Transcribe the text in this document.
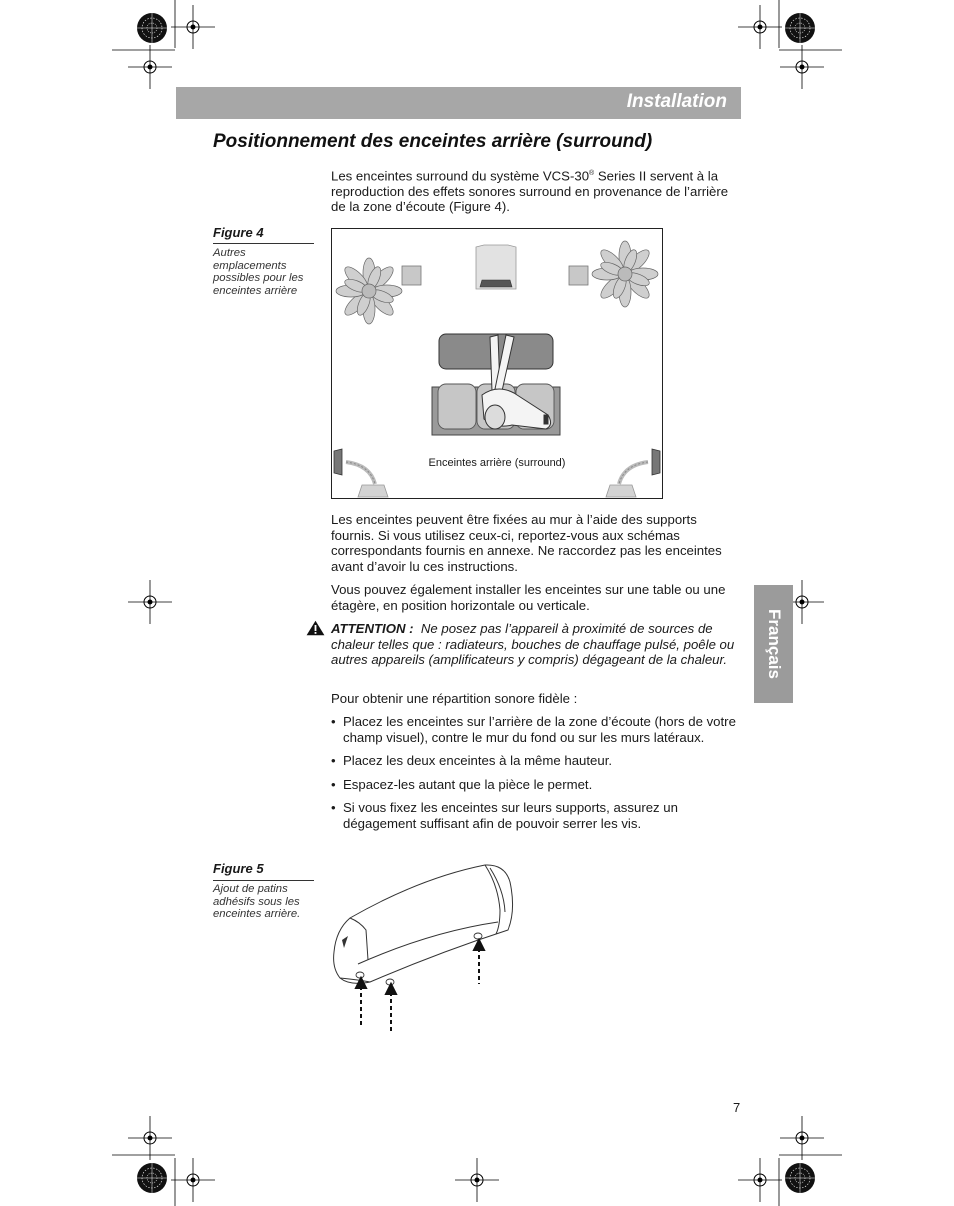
Installation
Positionnement des enceintes arrière (surround)
Les enceintes surround du système VCS-30® Series II servent à la reproduction des effets sonores surround en provenance de l’arrière de la zone d’écoute (Figure 4).
Figure 4
Autres emplacements possibles pour les enceintes arrière
Enceintes arrière (surround)
Les enceintes peuvent être fixées au mur à l’aide des supports fournis. Si vous utilisez ceux-ci, reportez-vous aux schémas correspondants fournis en annexe. Ne raccordez pas les enceintes avant d’avoir lu ces instructions.
Vous pouvez également installer les enceintes sur une table ou une étagère, en position horizontale ou verticale.
ATTENTION : Ne posez pas l’appareil à proximité de sources de chaleur telles que : radiateurs, bouches de chauffage pulsé, poêle ou autres appareils (amplificateurs y compris) dégageant de la chaleur.
Pour obtenir une répartition sonore fidèle :
• Placez les enceintes sur l’arrière de la zone d’écoute (hors de votre champ visuel), contre le mur du fond ou sur les murs latéraux.
• Placez les deux enceintes à la même hauteur.
• Espacez-les autant que la pièce le permet.
• Si vous fixez les enceintes sur leurs supports, assurez un dégagement suffisant afin de pouvoir serrer les vis.
Figure 5
Ajout de patins adhésifs sous les enceintes arrière.
Français
7
